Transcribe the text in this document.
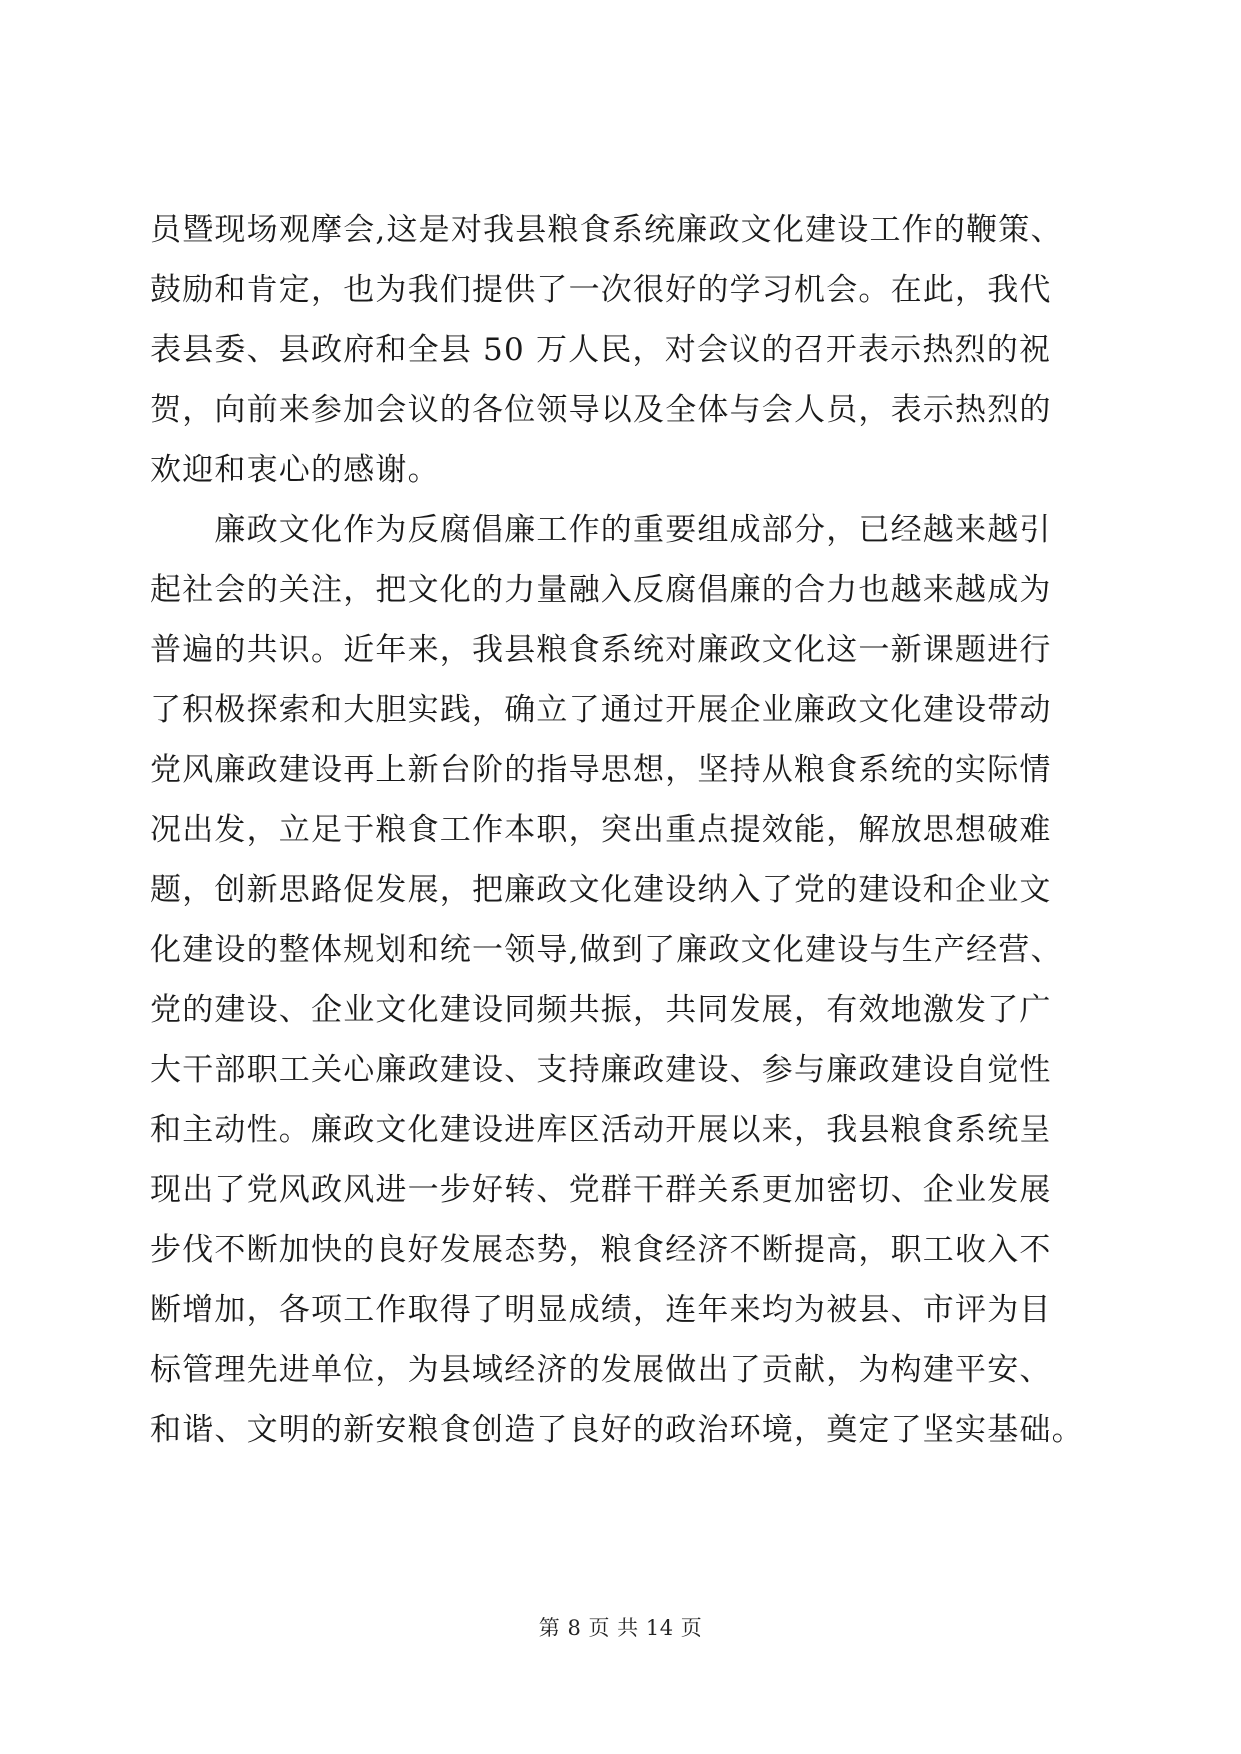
员暨现场观摩会,这是对我县粮食系统廉政文化建设工作的鞭策、
鼓励和肯定，也为我们提供了一次很好的学习机会。在此，我代
表县委、县政府和全县 50 万人民，对会议的召开表示热烈的祝
贺，向前来参加会议的各位领导以及全体与会人员，表示热烈的
欢迎和衷心的感谢。
　　廉政文化作为反腐倡廉工作的重要组成部分，已经越来越引
起社会的关注，把文化的力量融入反腐倡廉的合力也越来越成为
普遍的共识。近年来，我县粮食系统对廉政文化这一新课题进行
了积极探索和大胆实践，确立了通过开展企业廉政文化建设带动
党风廉政建设再上新台阶的指导思想，坚持从粮食系统的实际情
况出发，立足于粮食工作本职，突出重点提效能，解放思想破难
题，创新思路促发展，把廉政文化建设纳入了党的建设和企业文
化建设的整体规划和统一领导,做到了廉政文化建设与生产经营、
党的建设、企业文化建设同频共振，共同发展，有效地激发了广
大干部职工关心廉政建设、支持廉政建设、参与廉政建设自觉性
和主动性。廉政文化建设进库区活动开展以来，我县粮食系统呈
现出了党风政风进一步好转、党群干群关系更加密切、企业发展
步伐不断加快的良好发展态势，粮食经济不断提高，职工收入不
断增加，各项工作取得了明显成绩，连年来均为被县、市评为目
标管理先进单位，为县域经济的发展做出了贡献，为构建平安、
和谐、文明的新安粮食创造了良好的政治环境，奠定了坚实基础。
第 8 页 共 14 页
